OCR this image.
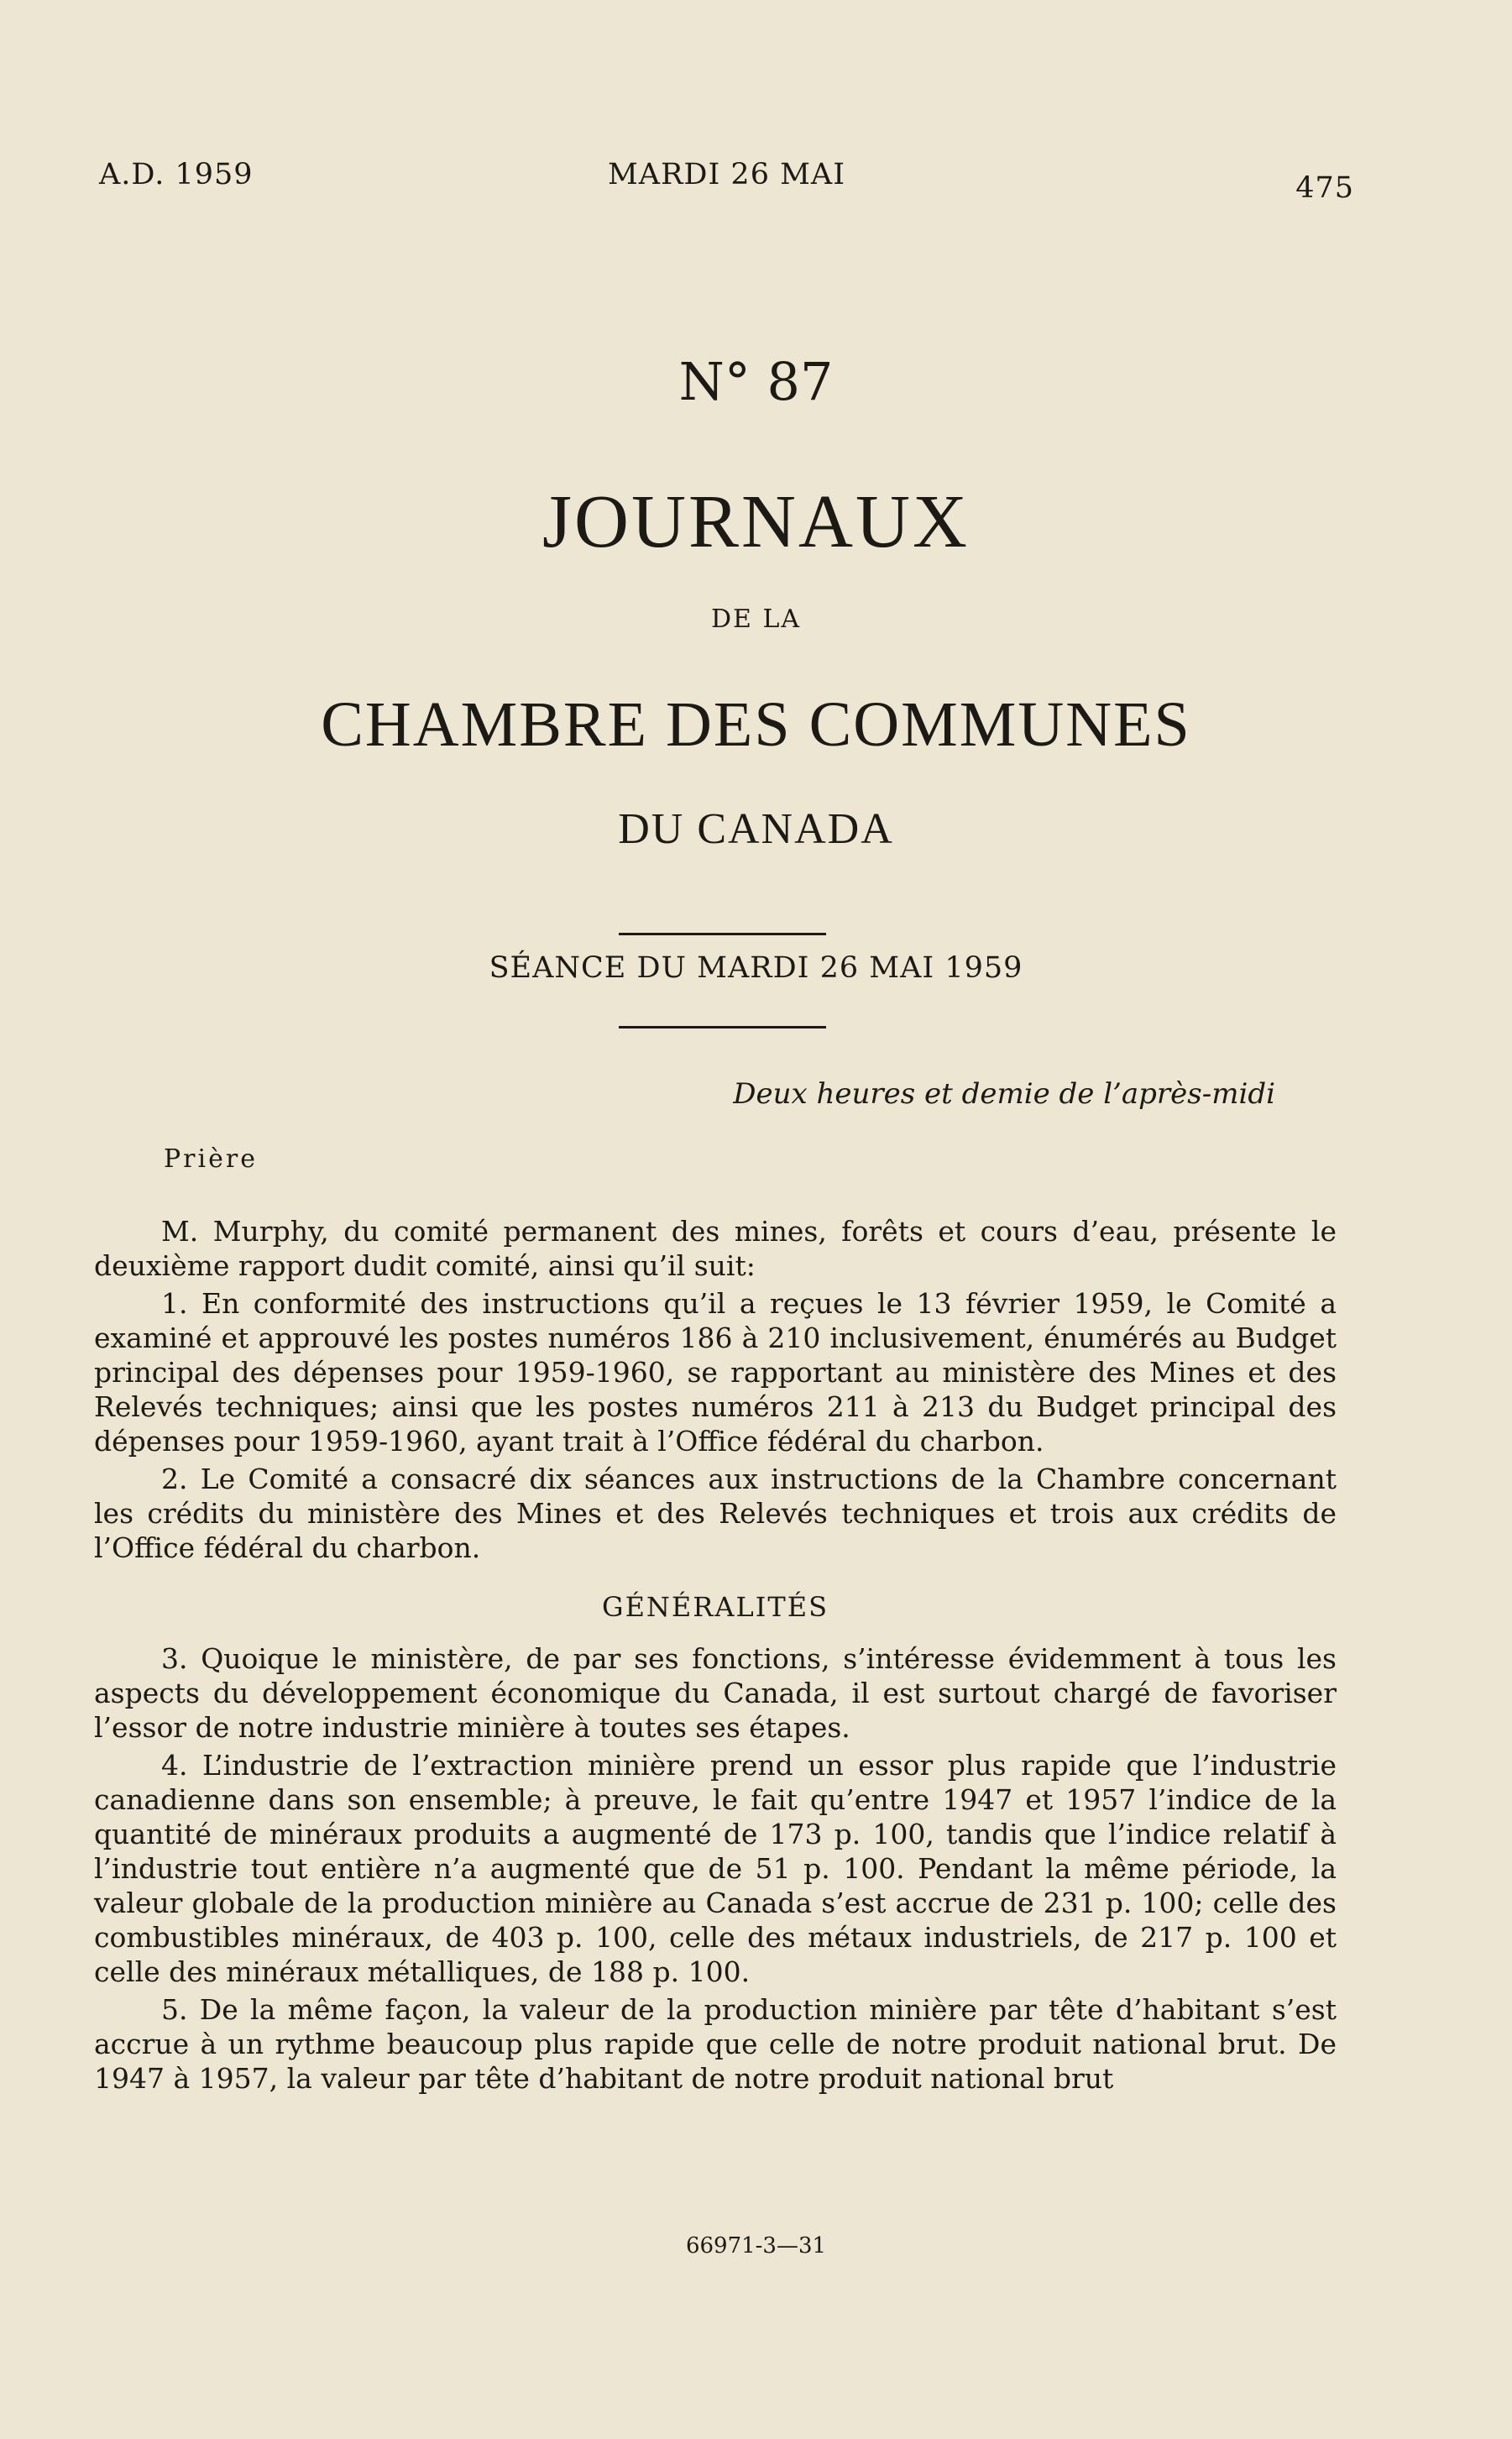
A.D. 1959	MARDI 26 MAI	475
N° 87
JOURNAUX
DE LA
CHAMBRE DES COMMUNES
DU CANADA
SÉANCE DU MARDI 26 MAI 1959
Deux heures et demie de l’après-midi
Prière

M. Murphy, du comité permanent des mines, forêts et cours d’eau, présente le deuxième rapport dudit comité, ainsi qu’il suit:

1. En conformité des instructions qu’il a reçues le 13 février 1959, le Comité a examiné et approuvé les postes numéros 186 à 210 inclusivement, énumérés au Budget principal des dépenses pour 1959-1960, se rapportant au ministère des Mines et des Relevés techniques; ainsi que les postes numéros 211 à 213 du Budget principal des dépenses pour 1959-1960, ayant trait à l’Office fédéral du charbon.

2. Le Comité a consacré dix séances aux instructions de la Chambre concernant les crédits du ministère des Mines et des Relevés techniques et trois aux crédits de l’Office fédéral du charbon.

GÉNÉRALITÉS

3. Quoique le ministère, de par ses fonctions, s’intéresse évidemment à tous les aspects du développement économique du Canada, il est surtout chargé de favoriser l’essor de notre industrie minière à toutes ses étapes.

4. L’industrie de l’extraction minière prend un essor plus rapide que l’industrie canadienne dans son ensemble; à preuve, le fait qu’entre 1947 et 1957 l’indice de la quantité de minéraux produits a augmenté de 173 p. 100, tandis que l’indice relatif à l’industrie tout entière n’a augmenté que de 51 p. 100. Pendant la même période, la valeur globale de la production minière au Canada s’est accrue de 231 p. 100; celle des combustibles minéraux, de 403 p. 100, celle des métaux industriels, de 217 p. 100 et celle des minéraux métalliques, de 188 p. 100.

5. De la même façon, la valeur de la production minière par tête d’habitant s’est accrue à un rythme beaucoup plus rapide que celle de notre produit national brut. De 1947 à 1957, la valeur par tête d’habitant de notre produit national brut

66971-3—31
